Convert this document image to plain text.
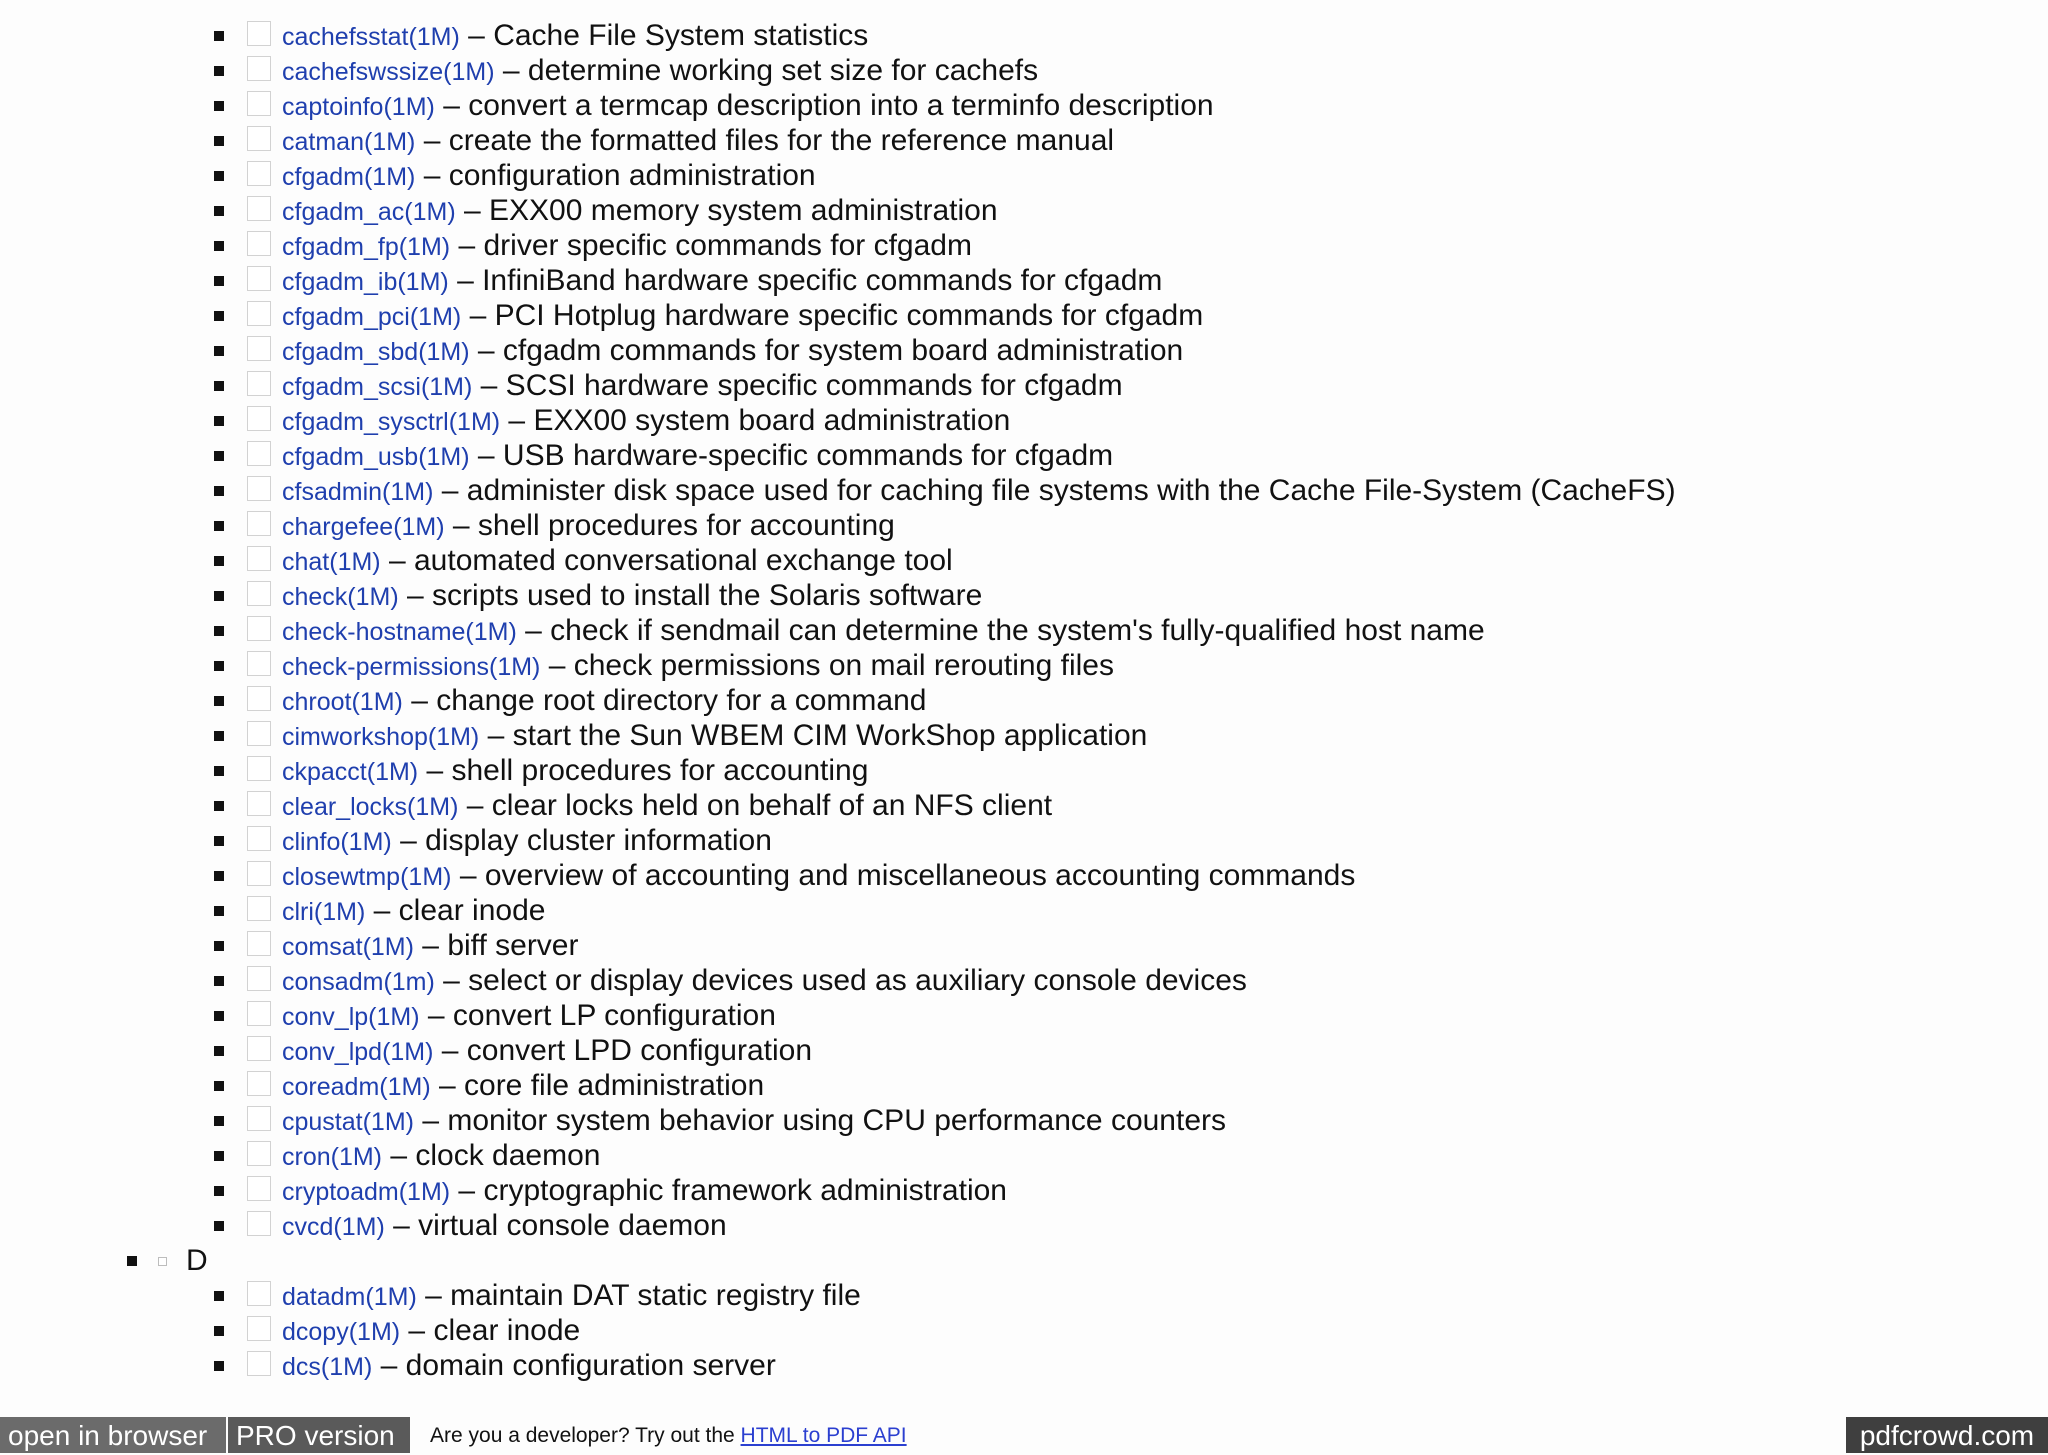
cachefsstat(1M) – Cache File System statistics
cachefswssize(1M) – determine working set size for cachefs
captoinfo(1M) – convert a termcap description into a terminfo description
catman(1M) – create the formatted files for the reference manual
cfgadm(1M) – configuration administration
cfgadm_ac(1M) – EXX00 memory system administration
cfgadm_fp(1M) – driver specific commands for cfgadm
cfgadm_ib(1M) – InfiniBand hardware specific commands for cfgadm
cfgadm_pci(1M) – PCI Hotplug hardware specific commands for cfgadm
cfgadm_sbd(1M) – cfgadm commands for system board administration
cfgadm_scsi(1M) – SCSI hardware specific commands for cfgadm
cfgadm_sysctrl(1M) – EXX00 system board administration
cfgadm_usb(1M) – USB hardware-specific commands for cfgadm
cfsadmin(1M) – administer disk space used for caching file systems with the Cache File-System (CacheFS)
chargefee(1M) – shell procedures for accounting
chat(1M) – automated conversational exchange tool
check(1M) – scripts used to install the Solaris software
check-hostname(1M) – check if sendmail can determine the system's fully-qualified host name
check-permissions(1M) – check permissions on mail rerouting files
chroot(1M) – change root directory for a command
cimworkshop(1M) – start the Sun WBEM CIM WorkShop application
ckpacct(1M) – shell procedures for accounting
clear_locks(1M) – clear locks held on behalf of an NFS client
clinfo(1M) – display cluster information
closewtmp(1M) – overview of accounting and miscellaneous accounting commands
clri(1M) – clear inode
comsat(1M) – biff server
consadm(1m) – select or display devices used as auxiliary console devices
conv_lp(1M) – convert LP configuration
conv_lpd(1M) – convert LPD configuration
coreadm(1M) – core file administration
cpustat(1M) – monitor system behavior using CPU performance counters
cron(1M) – clock daemon
cryptoadm(1M) – cryptographic framework administration
cvcd(1M) – virtual console daemon
D
datadm(1M) – maintain DAT static registry file
dcopy(1M) – clear inode
dcs(1M) – domain configuration server
open in browser	PRO version	Are you a developer? Try out the HTML to PDF API	pdfcrowd.com
